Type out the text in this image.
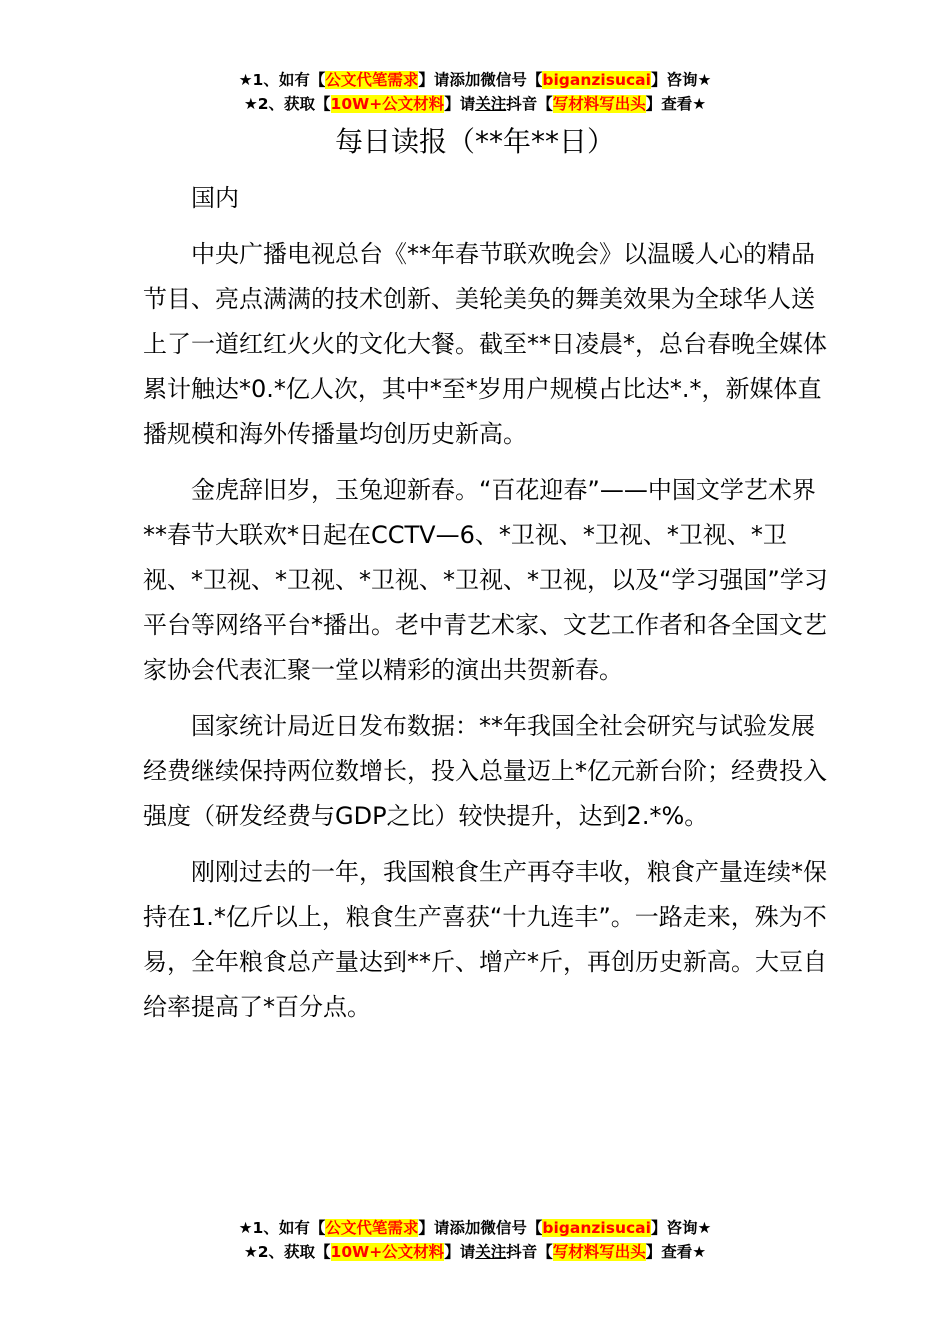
★1、如有【公文代笔需求】请添加微信号【biganzisucai】咨询★
★2、获取【10W+公文材料】请关注抖音【写材料写出头】查看★
每日读报（**年**日）

国内

中央广播电视总台《**年春节联欢晚会》以温暖人心的精品节目、亮点满满的技术创新、美轮美奂的舞美效果为全球华人送上了一道红红火火的文化大餐。截至**日凌晨*，总台春晚全媒体累计触达*0.*亿人次，其中*至*岁用户规模占比达*.*，新媒体直播规模和海外传播量均创历史新高。

金虎辞旧岁，玉兔迎新春。“百花迎春”——中国文学艺术界**春节大联欢*日起在CCTV—6、*卫视、*卫视、*卫视、*卫视、*卫视、*卫视、*卫视、*卫视、*卫视，以及“学习强国”学习平台等网络平台*播出。老中青艺术家、文艺工作者和各全国文艺家协会代表汇聚一堂以精彩的演出共贺新春。

国家统计局近日发布数据：**年我国全社会研究与试验发展经费继续保持两位数增长，投入总量迈上*亿元新台阶；经费投入强度（研发经费与GDP之比）较快提升，达到2.*%。

刚刚过去的一年，我国粮食生产再夺丰收，粮食产量连续*保持在1.*亿斤以上，粮食生产喜获“十九连丰”。一路走来，殊为不易，全年粮食总产量达到**斤、增产*斤，再创历史新高。大豆自给率提高了*百分点。

★1、如有【公文代笔需求】请添加微信号【biganzisucai】咨询★
★2、获取【10W+公文材料】请关注抖音【写材料写出头】查看★
